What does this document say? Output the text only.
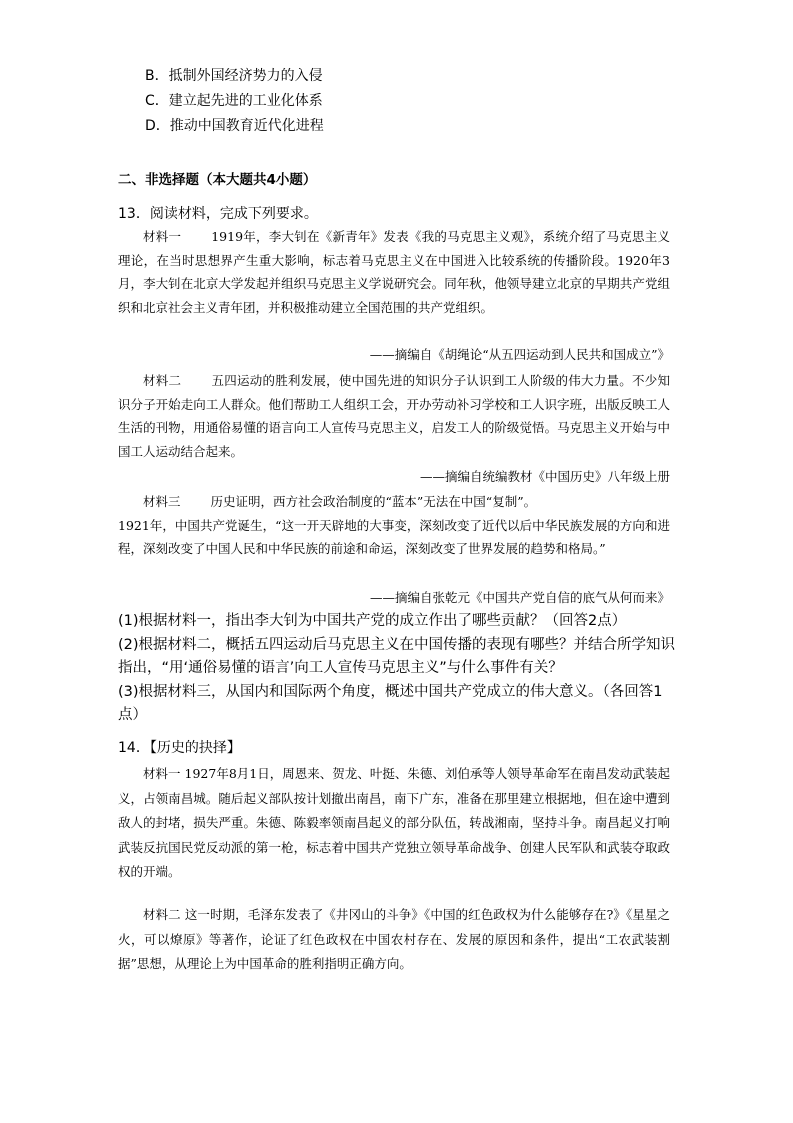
B．抵制外国经济势力的入侵
C．建立起先进的工业化体系
D．推动中国教育近代化进程
二、非选择题（本大题共4小题）
13．阅读材料，完成下列要求。

材料一 1919年，李大钊在《新青年》发表《我的马克思主义观》，系统介绍了马克思主义理论，在当时思想界产生重大影响，标志着马克思主义在中国进入比较系统的传播阶段。1920年3月，李大钊在北京大学发起并组织马克思主义学说研究会。同年秋，他领导建立北京的早期共产党组织和北京社会主义青年团，并积极推动建立全国范围的共产党组织。

——摘编自《胡绳论“从五四运动到人民共和国成立”》

材料二 五四运动的胜利发展，使中国先进的知识分子认识到工人阶级的伟大力量。不少知识分子开始走向工人群众。他们帮助工人组织工会，开办劳动补习学校和工人识字班，出版反映工人生活的刊物，用通俗易懂的语言向工人宣传马克思主义，启发工人的阶级觉悟。马克思主义开始与中国工人运动结合起来。

——摘编自统编教材《中国历史》八年级上册

材料三 历史证明，西方社会政治制度的“蓝本”无法在中国“复制”。

1921年，中国共产党诞生，“这一开天辟地的大事变，深刻改变了近代以后中华民族发展的方向和进程，深刻改变了中国人民和中华民族的前途和命运，深刻改变了世界发展的趋势和格局。”

——摘编自张乾元《中国共产党自信的底气从何而来》

(1)根据材料一，指出李大钊为中国共产党的成立作出了哪些贡献？（回答2点）

(2)根据材料二，概括五四运动后马克思主义在中国传播的表现有哪些？并结合所学知识指出，“用‘通俗易懂的语言’向工人宣传马克思主义”与什么事件有关？

(3)根据材料三，从国内和国际两个角度，概述中国共产党成立的伟大意义。（各回答1点）

14．【历史的抉择】

材料一 1927年8月1日，周恩来、贺龙、叶挺、朱德、刘伯承等人领导革命军在南昌发动武装起义，占领南昌城。随后起义部队按计划撤出南昌，南下广东，准备在那里建立根据地，但在途中遭到敌人的封堵，损失严重。朱德、陈毅率领南昌起义的部分队伍，转战湘南，坚持斗争。南昌起义打响武装反抗国民党反动派的第一枪，标志着中国共产党独立领导革命战争、创建人民军队和武装夺取政权的开端。

材料二 这一时期，毛泽东发表了《井冈山的斗争》《中国的红色政权为什么能够存在?》《星星之火，可以燎原》等著作，论证了红色政权在中国农村存在、发展的原因和条件，提出“工农武装割据”思想，从理论上为中国革命的胜利指明正确方向。
